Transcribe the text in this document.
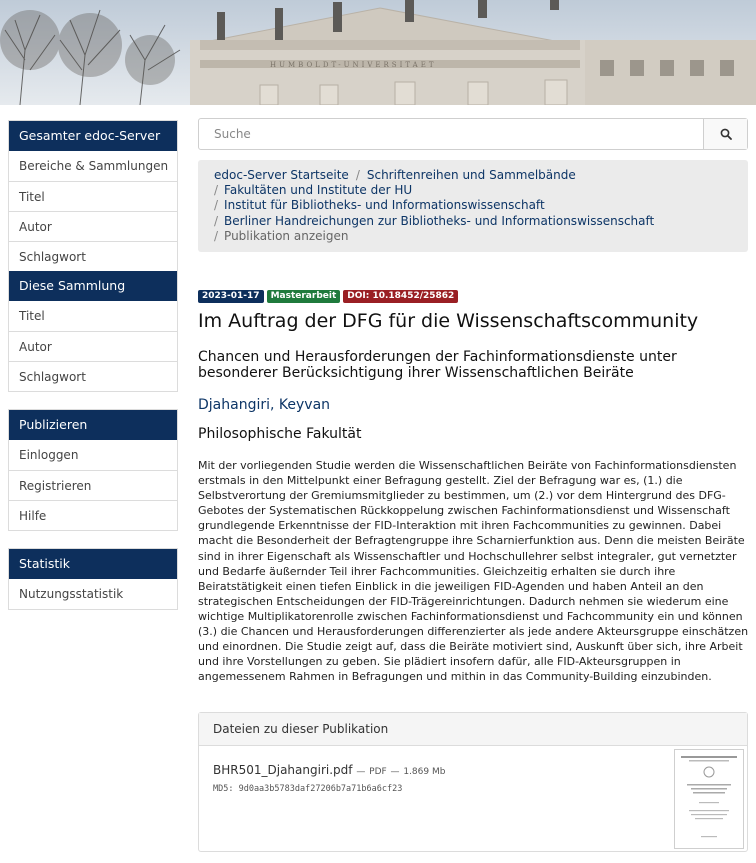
HUMBOLDT-UNIVERSITAET
Gesamter edoc-Server
Bereiche & Sammlungen
Titel
Autor
Schlagwort
Diese Sammlung
Titel
Autor
Schlagwort
Publizieren
Einloggen
Registrieren
Hilfe
Statistik
Nutzungsstatistik
Suche
edoc-Server Startseite / Schriftenreihen und Sammelbände
/ Fakultäten und Institute der HU
/ Institut für Bibliotheks- und Informationswissenschaft
/ Berliner Handreichungen zur Bibliotheks- und Informationswissenschaft
/ Publikation anzeigen
2023-01-17	Masterarbeit	DOI: 10.18452/25862
Im Auftrag der DFG für die Wissenschaftscommunity
Chancen und Herausforderungen der Fachinformationsdienste unter besonderer Berücksichtigung ihrer Wissenschaftlichen Beiräte
Djahangiri, Keyvan
Philosophische Fakultät
Mit der vorliegenden Studie werden die Wissenschaftlichen Beiräte von Fachinformationsdiensten erstmals in den Mittelpunkt einer Befragung gestellt. Ziel der Befragung war es, (1.) die Selbstverortung der Gremiumsmitglieder zu bestimmen, um (2.) vor dem Hintergrund des DFG-Gebotes der Systematischen Rückkoppelung zwischen Fachinformationsdienst und Wissenschaft grundlegende Erkenntnisse der FID-Interaktion mit ihren Fachcommunities zu gewinnen. Dabei macht die Besonderheit der Befragtengruppe ihre Scharnierfunktion aus. Denn die meisten Beiräte sind in ihrer Eigenschaft als Wissenschaftler und Hochschullehrer selbst integraler, gut vernetzter und Bedarfe äußernder Teil ihrer Fachcommunities. Gleichzeitig erhalten sie durch ihre Beiratstätigkeit einen tiefen Einblick in die jeweiligen FID-Agenden und haben Anteil an den strategischen Entscheidungen der FID-Trägereinrichtungen. Dadurch nehmen sie wiederum eine wichtige Multiplikatorenrolle zwischen Fachinformationsdienst und Fachcommunity ein und können (3.) die Chancen und Herausforderungen differenzierter als jede andere Akteursgruppe einschätzen und einordnen. Die Studie zeigt auf, dass die Beiräte motiviert sind, Auskunft über sich, ihre Arbeit und ihre Vorstellungen zu geben. Sie plädiert insofern dafür, alle FID-Akteursgruppen in angemessenem Rahmen in Befragungen und mithin in das Community-Building einzubinden.
Dateien zu dieser Publikation
BHR501_Djahangiri.pdf — PDF — 1.869 Mb
MD5: 9d0aa3b5783daf27206b7a71b6a6cf23
